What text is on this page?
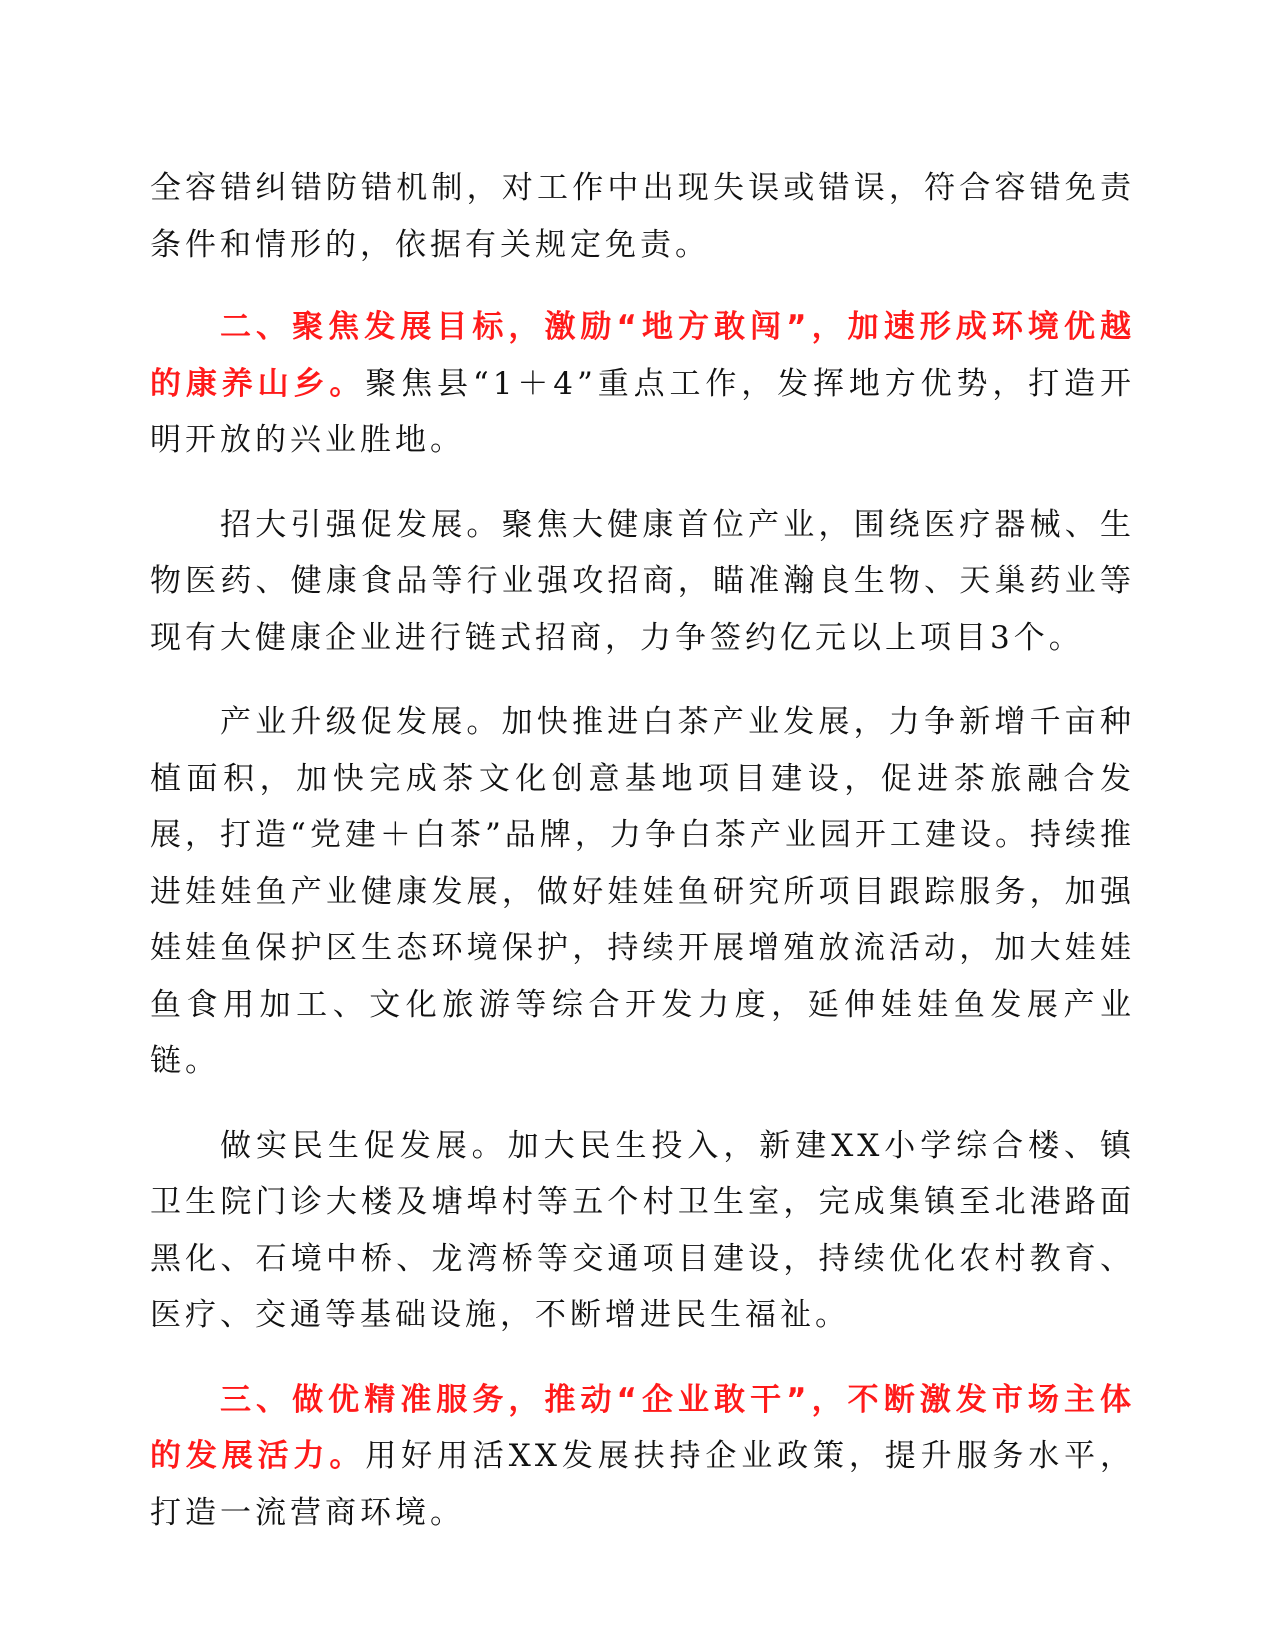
全容错纠错防错机制，对工作中出现失误或错误，符合容错免责条件和情形的，依据有关规定免责。

二、聚焦发展目标，激励“地方敢闯”，加速形成环境优越的康养山乡。聚焦县“1＋4”重点工作，发挥地方优势，打造开明开放的兴业胜地。

招大引强促发展。聚焦大健康首位产业，围绕医疗器械、生物医药、健康食品等行业强攻招商，瞄准瀚良生物、天巢药业等现有大健康企业进行链式招商，力争签约亿元以上项目3个。

产业升级促发展。加快推进白茶产业发展，力争新增千亩种植面积，加快完成茶文化创意基地项目建设，促进茶旅融合发展，打造“党建＋白茶”品牌，力争白茶产业园开工建设。持续推进娃娃鱼产业健康发展，做好娃娃鱼研究所项目跟踪服务，加强娃娃鱼保护区生态环境保护，持续开展增殖放流活动，加大娃娃鱼食用加工、文化旅游等综合开发力度，延伸娃娃鱼发展产业链。

做实民生促发展。加大民生投入，新建XX小学综合楼、镇卫生院门诊大楼及塘埠村等五个村卫生室，完成集镇至北港路面黑化、石境中桥、龙湾桥等交通项目建设，持续优化农村教育、医疗、交通等基础设施，不断增进民生福祉。

三、做优精准服务，推动“企业敢干”，不断激发市场主体的发展活力。用好用活XX发展扶持企业政策，提升服务水平，打造一流营商环境。
